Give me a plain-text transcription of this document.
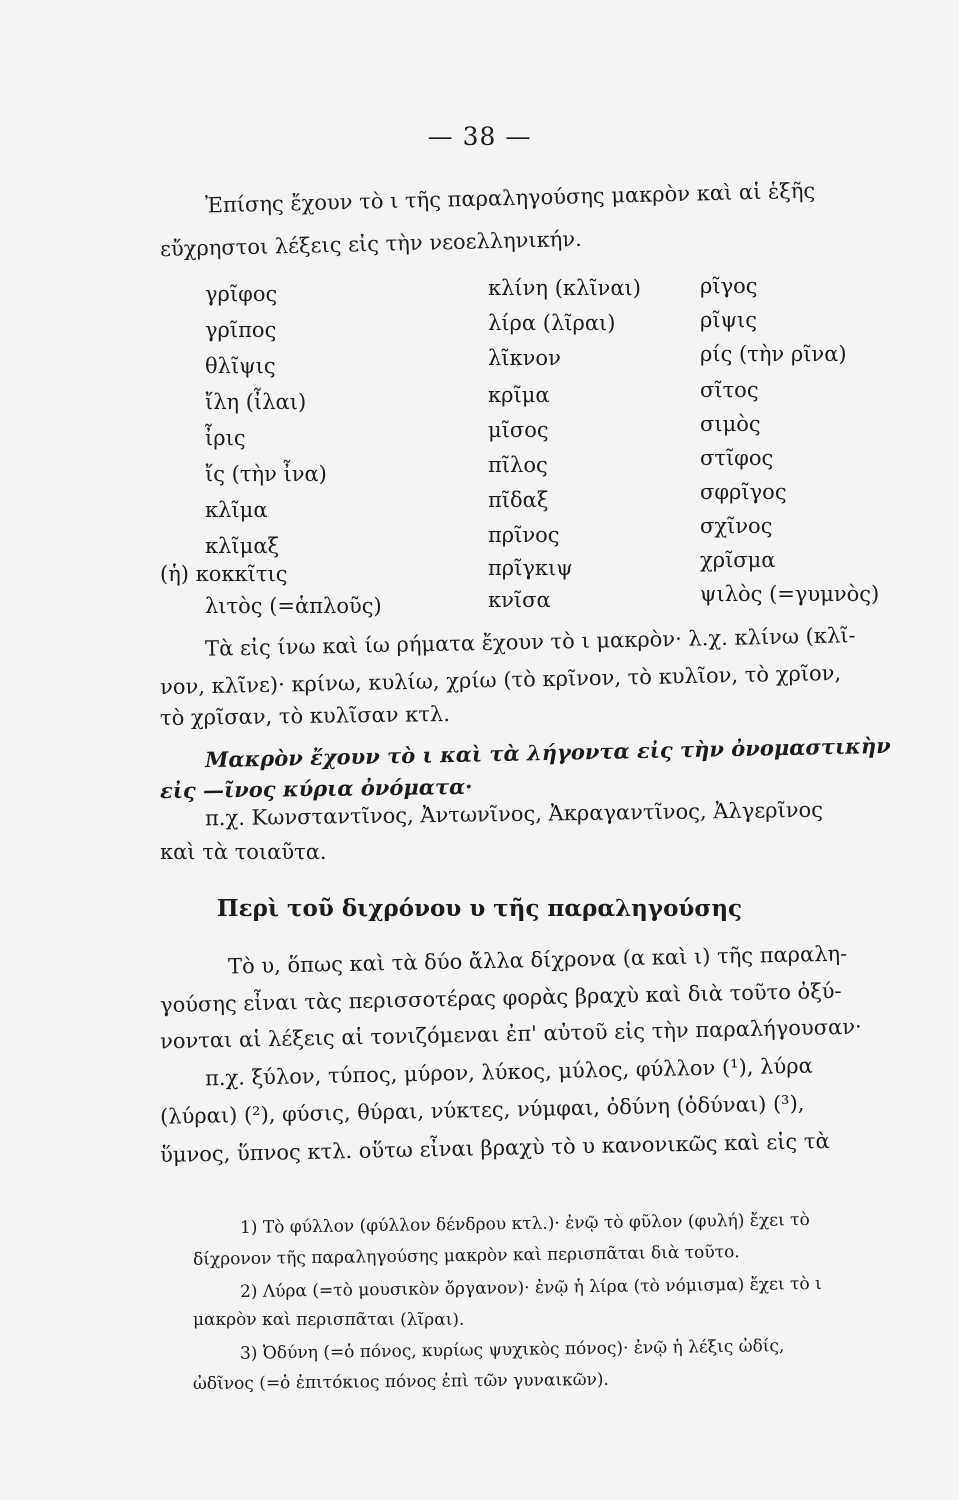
— 38 —
Ἐπίσης ἔχουν τὸ ι τῆς παραληγούσης μακρὸν καὶ αἱ ἑξῆς
εὔχρηστοι λέξεις εἰς τὴν νεοελληνικήν.
γρῖφος
γρῖπος
θλῖψις
ἴλη (ἶλαι)
ἶρις
ἴς (τὴν ἶνα)
κλῖμα
κλῖμαξ
(ἡ) κοκκῖτις
λιτὸς (=ἁπλοῦς)
κλίνη (κλῖναι)
λίρα (λῖραι)
λῖκνον
κρῖμα
μῖσος
πῖλος
πῖδαξ
πρῖνος
πρῖγκιψ
κνῖσα
ρῖγος
ρῖψις
ρίς (τὴν ρῖνα)
σῖτος
σιμὸς
στῖφος
σφρῖγος
σχῖνος
χρῖσμα
ψιλὸς (=γυμνὸς)
Τὰ εἰς ίνω καὶ ίω ρήματα ἔχουν τὸ ι μακρὸν· λ.χ. κλίνω (κλῖ-
νον, κλῖνε)· κρίνω, κυλίω, χρίω (τὸ κρῖνον, τὸ κυλῖον, τὸ χρῖον,
τὸ χρῖσαν, τὸ κυλῖσαν κτλ.
Μακρὸν ἔχουν τὸ ι καὶ τὰ λήγοντα εἰς τὴν ὀνομαστικὴν
εἰς —ῖνος κύρια ὀνόματα·
π.χ. Κωνσταντῖνος, Ἀντωνῖνος, Ἀκραγαντῖνος, Ἀλγερῖνος
καὶ τὰ τοιαῦτα.
Περὶ τοῦ διχρόνου υ τῆς παραληγούσης
Τὸ υ, ὅπως καὶ τὰ δύο ἄλλα δίχρονα (α καὶ ι) τῆς παραλη-
γούσης εἶναι τὰς περισσοτέρας φορὰς βραχὺ καὶ διὰ τοῦτο ὀξύ-
νονται αἱ λέξεις αἱ τονιζόμεναι ἐπ' αὐτοῦ εἰς τὴν παραλήγουσαν·
π.χ. ξύλον, τύπος, μύρον, λύκος, μύλος, φύλλον (¹), λύρα
(λύραι) (²), φύσις, θύραι, νύκτες, νύμφαι, ὀδύνη (ὀδύναι) (³),
ὕμνος, ὕπνος κτλ. οὕτω εἶναι βραχὺ τὸ υ κανονικῶς καὶ εἰς τὰ
1) Τὸ φύλλον (φύλλον δένδρου κτλ.)· ἐνῷ τὸ φῦλον (φυλή) ἔχει τὸ
δίχρονον τῆς παραληγούσης μακρὸν καὶ περισπᾶται διὰ τοῦτο.
2) Λύρα (=τὸ μουσικὸν ὄργανον)· ἐνῷ ἡ λίρα (τὸ νόμισμα) ἔχει τὸ ι
μακρὸν καὶ περισπᾶται (λῖραι).
3) Ὀδύνη (=ὁ πόνος, κυρίως ψυχικὸς πόνος)· ἐνῷ ἡ λέξις ὠδίς,
ὠδῖνος (=ὁ ἐπιτόκιος πόνος ἐπὶ τῶν γυναικῶν).
